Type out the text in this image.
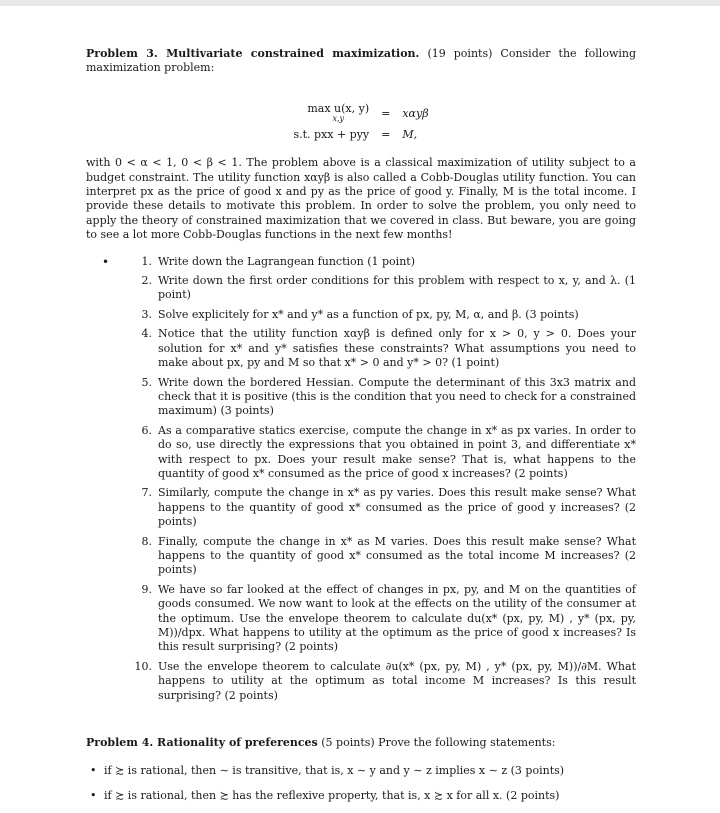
Problem 3. Multivariate constrained maximization. (19 points) Consider the following maximization problem:

max u(x, y)
x,y	=	xαyβ
s.t. pxx + pyy	=	M,

with 0 < α < 1, 0 < β < 1. The problem above is a classical maximization of utility subject to a budget constraint. The utility function xαyβ is also called a Cobb-Douglas utility function. You can interpret px as the price of good x and py as the price of good y. Finally, M is the total income. I provide these details to motivate this problem. In order to solve the problem, you only need to apply the theory of constrained maximization that we covered in class. But beware, you are going to see a lot more Cobb-Douglas functions in the next few months!

•	1. Write down the Lagrangean function (1 point)
2. Write down the first order conditions for this problem with respect to x, y, and λ. (1 point)
3. Solve explicitely for x* and y* as a function of px, py, M, α, and β. (3 points)
4. Notice that the utility function xαyβ is defined only for x > 0, y > 0. Does your solution for x* and y* satisfies these constraints? What assumptions you need to make about px, py and M so that x* > 0 and y* > 0? (1 point)
5. Write down the bordered Hessian. Compute the determinant of this 3x3 matrix and check that it is positive (this is the condition that you need to check for a constrained maximum) (3 points)
6. As a comparative statics exercise, compute the change in x* as px varies. In order to do so, use directly the expressions that you obtained in point 3, and differentiate x* with respect to px. Does your result make sense? That is, what happens to the quantity of good x* consumed as the price of good x increases? (2 points)
7. Similarly, compute the change in x* as py varies. Does this result make sense? What happens to the quantity of good x* consumed as the price of good y increases? (2 points)
8. Finally, compute the change in x* as M varies. Does this result make sense? What happens to the quantity of good x* consumed as the total income M increases? (2 points)
9. We have so far looked at the effect of changes in px, py, and M on the quantities of goods consumed. We now want to look at the effects on the utility of the consumer at the optimum. Use the envelope theorem to calculate du(x* (px, py, M) , y* (px, py, M))/dpx. What happens to utility at the optimum as the price of good x increases? Is this result surprising? (2 points)
10. Use the envelope theorem to calculate ∂u(x* (px, py, M) , y* (px, py, M))/∂M. What happens to utility at the optimum as total income M increases? Is this result surprising? (2 points)

Problem 4. Rationality of preferences (5 points) Prove the following statements:

• if ≿ is rational, then ∼ is transitive, that is, x ∼ y and y ∼ z implies x ∼ z (3 points)
• if ≿ is rational, then ≿ has the reflexive property, that is, x ≿ x for all x. (2 points)
